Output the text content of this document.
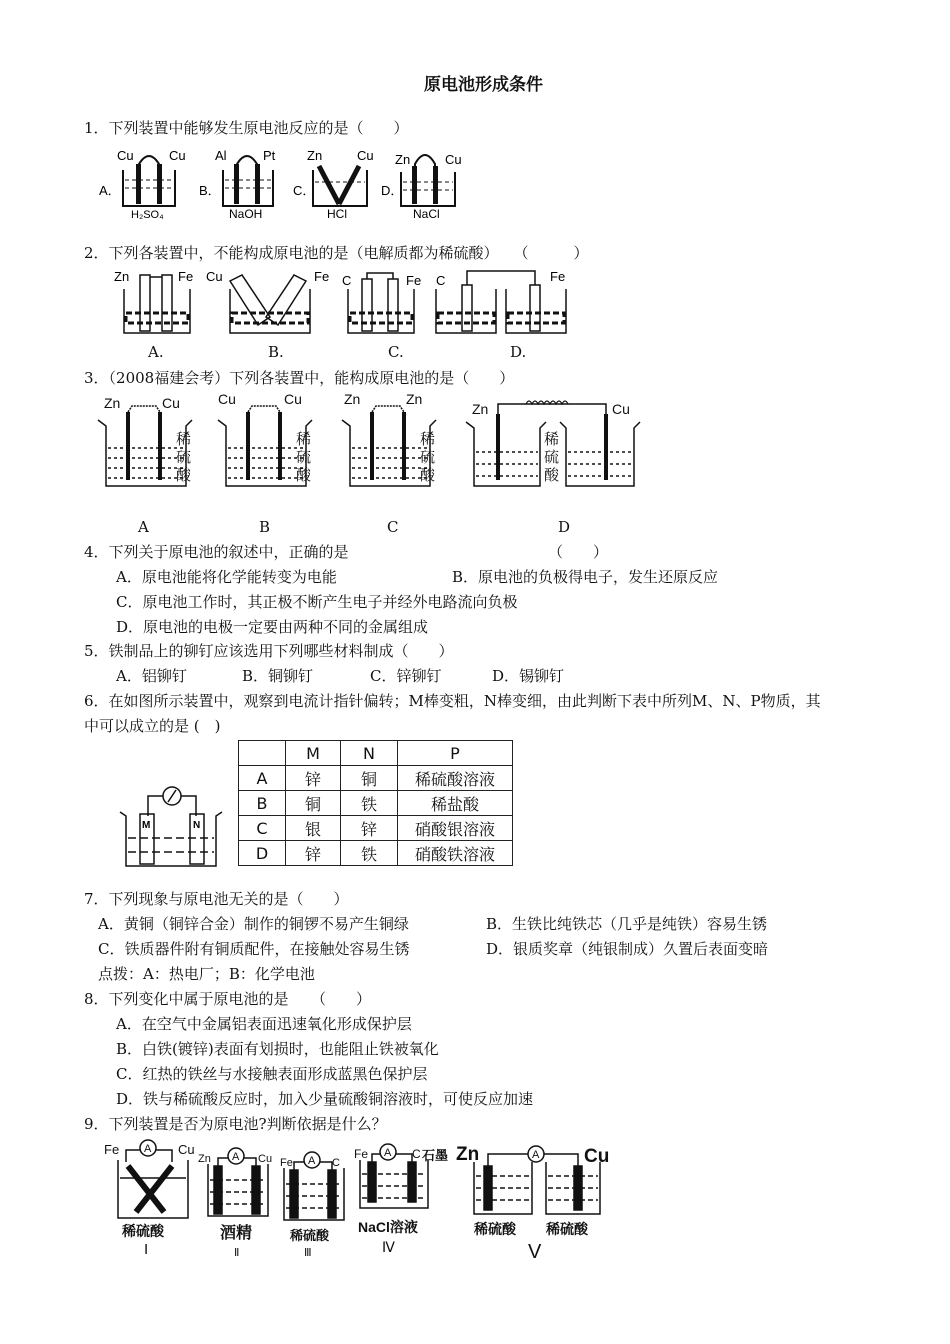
原电池形成条件
1．下列装置中能够发生原电池反应的是（　　）
A．
Cu	Cu
H₂SO₄
B．
Al	Pt
NaOH
C．
Zn	Cu
HCl
D．
Zn	Cu
NaCl
2．下列各装置中，不能构成原电池的是（电解质都为稀硫酸）　　（　　　）
Zn	Fe Cu	Fe C	Fe C	Fe
A.	B.	C.	D.
3．（2008福建会考）下列各装置中，能构成原电池的是（　　）
Zn	Cu	Cu	Cu	Zn	Zn
Zn	Cu
稀
硫
酸
稀
硫
酸
稀
硫
酸
稀
硫
酸
A	B	C	D
4．下列关于原电池的叙述中，正确的是	（　　）
A．原电池能将化学能转变为电能	B．原电池的负极得电子，发生还原反应
C．原电池工作时，其正极不断产生电子并经外电路流向负极
D．原电池的电极一定要由两种不同的金属组成
5．铁制品上的铆钉应该选用下列哪些材料制成（　　）
A．铝铆钉	B．铜铆钉	C．锌铆钉	D．锡铆钉
6．在如图所示装置中，观察到电流计指针偏转；M棒变粗，N棒变细，由此判断下表中所列M、N、P物质，其
中可以成立的是 (　)
M	N
	M	N	P
A	锌	铜	稀硫酸溶液
B	铜	铁	稀盐酸
C	银	锌	硝酸银溶液
D	锌	铁	硝酸铁溶液
7．下列现象与原电池无关的是（　　）
A．黄铜（铜锌合金）制作的铜锣不易产生铜绿	B．生铁比纯铁芯（几乎是纯铁）容易生锈
C．铁质器件附有铜质配件，在接触处容易生锈	D．银质奖章（纯银制成）久置后表面变暗
点拨：A：热电厂；B：化学电池
8．下列变化中属于原电池的是　　（　　）
A．在空气中金属铝表面迅速氧化形成保护层
B．白铁(镀锌)表面有划损时，也能阻止铁被氧化
C．红热的铁丝与水接触表面形成蓝黑色保护层
D．铁与稀硫酸反应时，加入少量硫酸铜溶液时，可使反应加速
9．下列装置是否为原电池?判断依据是什么？
A
A	A
A	A
Fe	Cu
Zn	Cu Fe	C
Fe	C 石墨 Zn	Cu
稀硫酸
I
酒精
Ⅱ
稀硫酸
Ⅲ
NaCl溶液
Ⅳ
稀硫酸 稀硫酸
V
